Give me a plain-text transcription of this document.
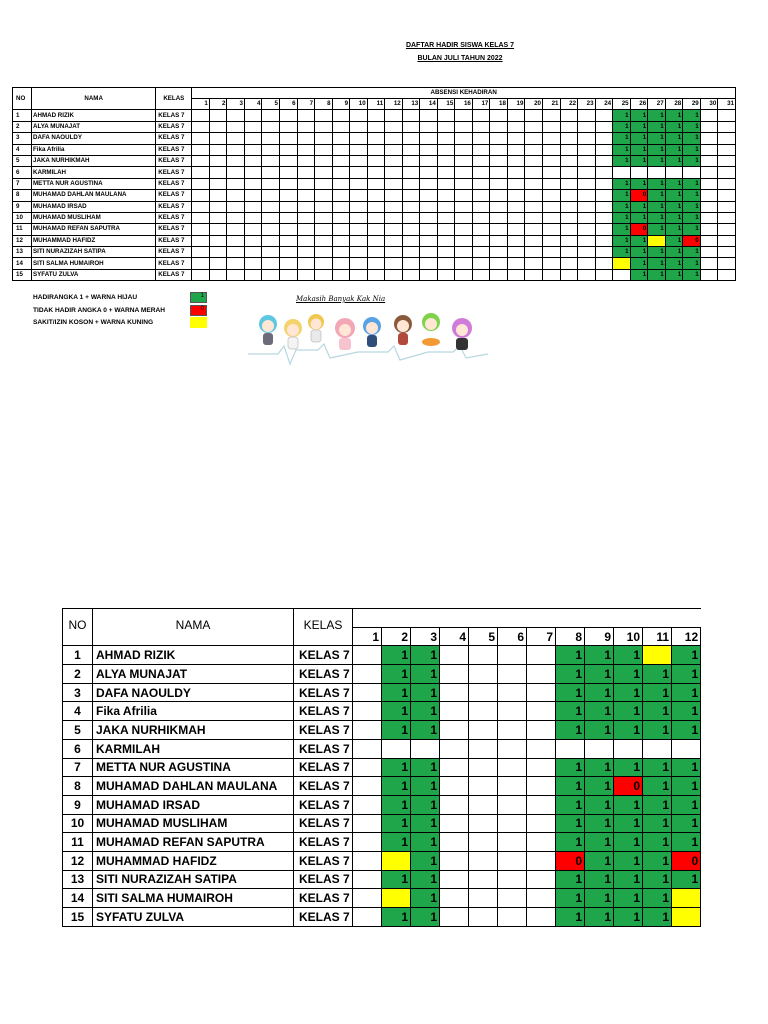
DAFTAR HADIR SISWA KELAS 7
BULAN JULI TAHUN 2022
NO	NAMA	KELAS	ABSENSI KEHADIRAN																														
			1	2	3	4	5	6	7	8	9	10	11	12	13	14	15	16	17	18	19	20	21	22	23	24	25	26	27	28	29	30	31
1	AHMAD RIZIK	KELAS 7																									1	1	1	1	1		
2	ALYA MUNAJAT	KELAS 7																									1	1	1	1	1		
3	DAFA NAOULDY	KELAS 7																									1	1	1	1	1		
4	Fika Afrilia	KELAS 7																									1	1	1	1	1		
5	JAKA NURHIKMAH	KELAS 7																									1	1	1	1	1		
6	KARMILAH	KELAS 7																															
7	METTA NUR AGUSTINA	KELAS 7																									1	1	1	1	1		
8	MUHAMAD DAHLAN MAULANA	KELAS 7																									1	0	1	1	1		
9	MUHAMAD IRSAD	KELAS 7																									1	1	1	1	1		
10	MUHAMAD MUSLIHAM	KELAS 7																									1	1	1	1	1		
11	MUHAMAD REFAN SAPUTRA	KELAS 7																									1	0	1	1	1		
12	MUHAMMAD HAFIDZ	KELAS 7																									1	1		1	0		
13	SITI NURAZIZAH SATIPA	KELAS 7																									1	1	1	1	1		
14	SITI SALMA HUMAIROH	KELAS 7																										1	1	1	1		
15	SYFATU ZULVA	KELAS 7																										1	1	1	1		
HADIRANGKA 1 + WARNA HIJAU
TIDAK HADIR ANGKA 0 + WARNA MERAH
SAKIT/IZIN KOSON + WARNA KUNING
1
0
Makasih Banyak Kak Nia
NO	NAMA	KELAS												
			1	2	3	4	5	6	7	8	9	10	11	12
1	AHMAD RIZIK	KELAS 7		1	1					1	1	1		1
2	ALYA MUNAJAT	KELAS 7		1	1					1	1	1	1	1
3	DAFA NAOULDY	KELAS 7		1	1					1	1	1	1	1
4	Fika Afrilia	KELAS 7		1	1					1	1	1	1	1
5	JAKA NURHIKMAH	KELAS 7		1	1					1	1	1	1	1
6	KARMILAH	KELAS 7												
7	METTA NUR AGUSTINA	KELAS 7		1	1					1	1	1	1	1
8	MUHAMAD DAHLAN MAULANA	KELAS 7		1	1					1	1	0	1	1
9	MUHAMAD IRSAD	KELAS 7		1	1					1	1	1	1	1
10	MUHAMAD MUSLIHAM	KELAS 7		1	1					1	1	1	1	1
11	MUHAMAD REFAN SAPUTRA	KELAS 7		1	1					1	1	1	1	1
12	MUHAMMAD HAFIDZ	KELAS 7			1					0	1	1	1	0
13	SITI NURAZIZAH SATIPA	KELAS 7		1	1					1	1	1	1	1
14	SITI SALMA HUMAIROH	KELAS 7			1					1	1	1	1	
15	SYFATU ZULVA	KELAS 7		1	1					1	1	1	1	
